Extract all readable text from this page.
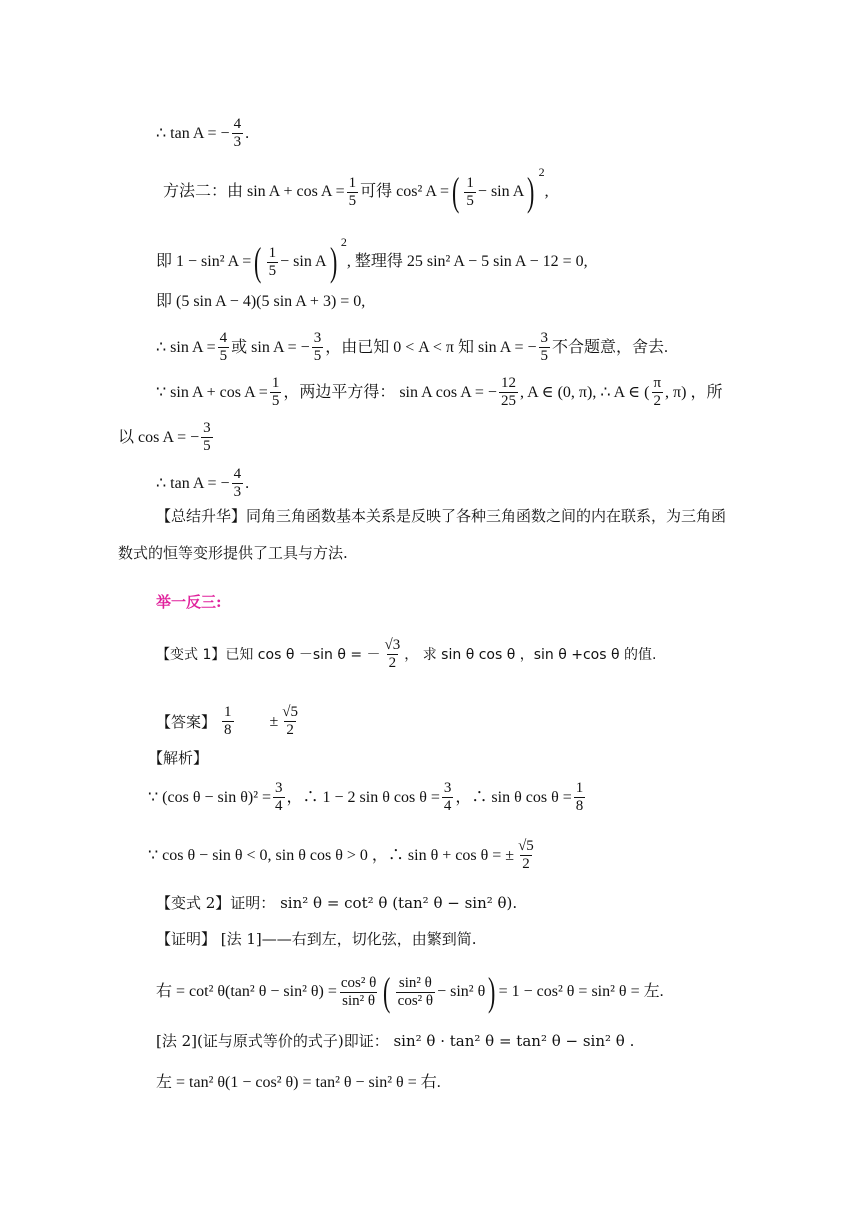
∴ tan A = − $\frac{4}{3}$ .
方法二：由 $\sin A + \cos A = \frac{1}{5}$ 可得 cos² A = ( $\frac{1}{5} - \sin A$ ) 2
,
即 1 − sin² A = ( $\frac{1}{5} - \sin A$ ) 2
, 整理得 25 sin² A − 5 sin A − 12 = 0,
即 (5 sin A − 4)(5 sin A + 3) = 0,
∴ $\sin A = \frac{4}{5}$ 或 sin A = − $\frac{3}{5}$ ，由已知 0 < A < π 知 sin A = − $\frac{3}{5}$ 不合题意，舍去.
∵ $\sin A + \cos A = \frac{1}{5}$ ，两边平方得： sin A cos A = − $\frac{12}{25}$ , A ∈ (0, π), ∴ A ∈ ( $\frac{\pi}{2}$ , π) ，所
以 cos A = − $\frac{3}{5}$
∴ tan A = − $\frac{4}{3}$ .
【总结升华】同角三角函数基本关系是反映了各种三角函数之间的内在联系，为三角函
数式的恒等变形提供了工具与方法.
举一反三:
【变式 1】已知 cos θ －sin θ = － $\frac{√3}{2}$ ， 求 sin θ cos θ ，sin θ +cos θ 的值.
【答案】 $\frac{1}{8} \pm \frac{√5}{2}$
【解析】
∵ (cos $\theta - \sin \theta)^2 = \frac{3}{4}$ ，∴ 1 − 2 sin θ $\cos \theta = \frac{3}{4}$ ，∴ sin θ $\cos \theta = \frac{1}{8}$
∵ cos θ − sin θ < 0, sin θ cos θ > 0 ，∴ sin θ + cos θ = ± $\frac{√5}{2}$
【变式 2】证明： sin² θ = cot² θ (tan² θ − sin² θ).
【证明】 [法 1]——右到左，切化弦，由繁到简.
右 = cot² θ(tan² θ − sin² $\theta) = \frac{\text{cos² θ}}{\text{sin² θ}}$ ( $\frac{\text{sin² θ}}{\text{cos² θ}} - \sin^2$ θ ) = 1 − cos² θ = sin² θ = 左.
[法 2](证与原式等价的式子)即证： sin² θ · tan² θ = tan² θ − sin² θ .
左 = tan² θ(1 − cos² θ) = tan² θ − sin² θ = 右.
